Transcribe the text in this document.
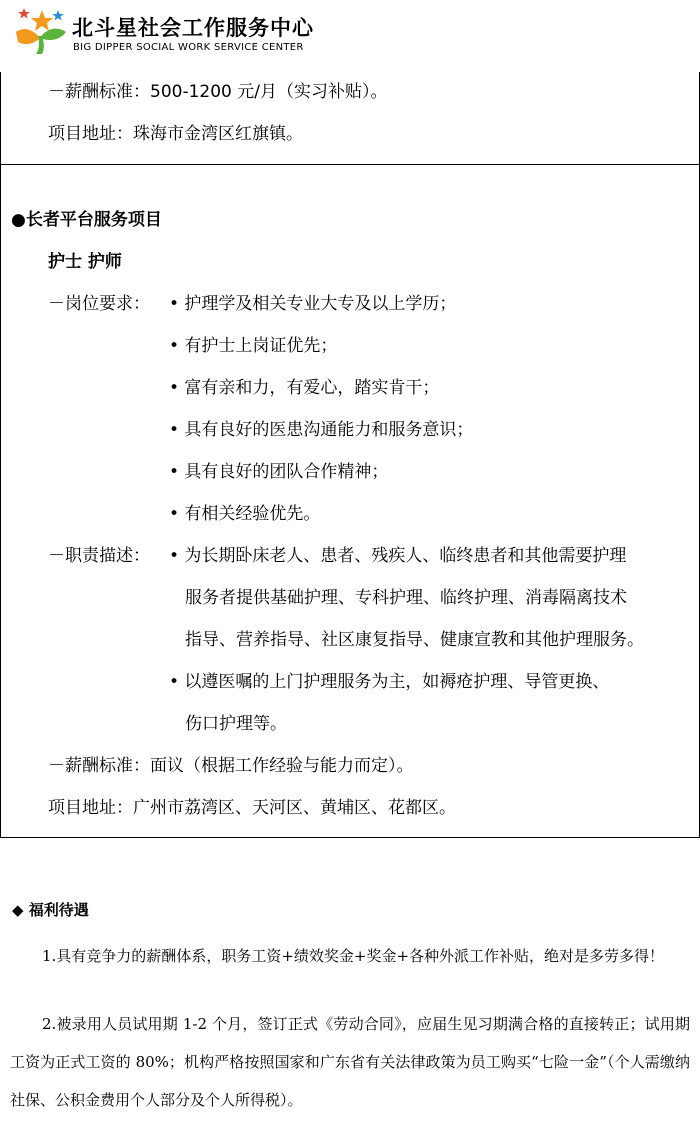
北斗星社会工作服务中心
BIG DIPPER SOCIAL WORK SERVICE CENTER
－薪酬标准：500-1200 元/月（实习补贴）。
项目地址：珠海市金湾区红旗镇。
●长者平台服务项目
护士 护师
－岗位要求： • 护理学及相关专业大专及以上学历；
• 有护士上岗证优先；
• 富有亲和力，有爱心，踏实肯干；
• 具有良好的医患沟通能力和服务意识；
• 具有良好的团队合作精神；
• 有相关经验优先。
－职责描述： • 为长期卧床老人、患者、残疾人、临终患者和其他需要护理
服务者提供基础护理、专科护理、临终护理、消毒隔离技术
指导、营养指导、社区康复指导、健康宣教和其他护理服务。
• 以遵医嘱的上门护理服务为主，如褥疮护理、导管更换、
伤口护理等。
－薪酬标准：面议（根据工作经验与能力而定）。
项目地址：广州市荔湾区、天河区、黄埔区、花都区。
◆ 福利待遇
1.具有竞争力的薪酬体系，职务工资+绩效奖金+奖金+各种外派工作补贴，绝对是多劳多得！
2.被录用人员试用期 1-2 个月，签订正式《劳动合同》，应届生见习期满合格的直接转正；试用期工资为正式工资的 80%；机构严格按照国家和广东省有关法律政策为员工购买“七险一金”（个人需缴纳社保、公积金费用个人部分及个人所得税）。
